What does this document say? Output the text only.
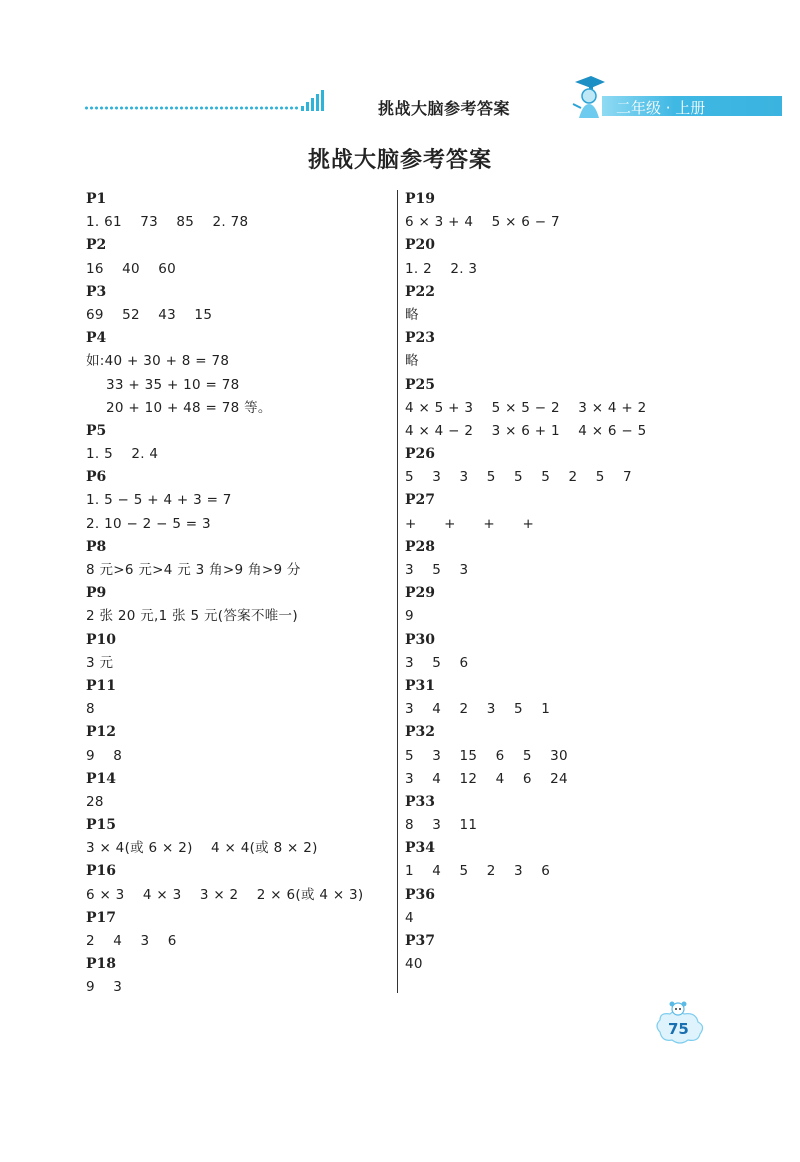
挑战大脑参考答案	二年级 · 上册
挑战大脑参考答案
P1
1. 61    73    85    2. 78
P2
16    40    60
P3
69    52    43    15
P4
如:40 + 30 + 8 = 78
33 + 35 + 10 = 78
20 + 10 + 48 = 78 等。
P5
1. 5    2. 4
P6
1. 5 − 5 + 4 + 3 = 7
2. 10 − 2 − 5 = 3
P8
8 元>6 元>4 元 3 角>9 角>9 分
P9
2 张 20 元,1 张 5 元(答案不唯一)
P10
3 元
P11
8
P12
9    8
P14
28
P15
3 × 4(或 6 × 2)    4 × 4(或 8 × 2)
P16
6 × 3    4 × 3    3 × 2    2 × 6(或 4 × 3)
P17
2    4    3    6
P18
9    3
P19
6 × 3 + 4    5 × 6 − 7
P20
1. 2    2. 3
P22
略
P23
略
P25
4 × 5 + 3    5 × 5 − 2    3 × 4 + 2
4 × 4 − 2    3 × 6 + 1    4 × 6 − 5
P26
5    3    3    5    5    5    2    5    7
P27
+      +      +      +
P28
3    5    3
P29
9
P30
3    5    6
P31
3    4    2    3    5    1
P32
5    3    15    6    5    30
3    4    12    4    6    24
P33
8    3    11
P34
1    4    5    2    3    6
P36
4
P37
40
75
